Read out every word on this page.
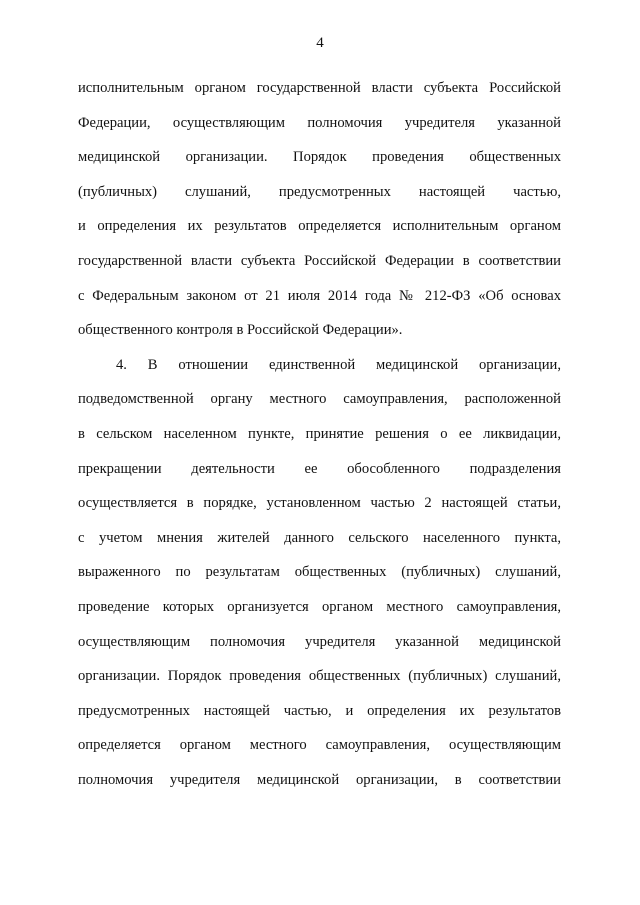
4
исполнительным органом государственной власти субъекта Российской
Федерации, осуществляющим полномочия учредителя указанной
медицинской организации. Порядок проведения общественных
(публичных) слушаний, предусмотренных настоящей частью,
и определения их результатов определяется исполнительным органом
государственной власти субъекта Российской Федерации в соответствии
с Федеральным законом от 21 июля 2014 года № 212-ФЗ «Об основах
общественного контроля в Российской Федерации».
4. В отношении единственной медицинской организации,
подведомственной органу местного самоуправления, расположенной
в сельском населенном пункте, принятие решения о ее ликвидации,
прекращении деятельности ее обособленного подразделения
осуществляется в порядке, установленном частью 2 настоящей статьи,
с учетом мнения жителей данного сельского населенного пункта,
выраженного по результатам общественных (публичных) слушаний,
проведение которых организуется органом местного самоуправления,
осуществляющим полномочия учредителя указанной медицинской
организации. Порядок проведения общественных (публичных) слушаний,
предусмотренных настоящей частью, и определения их результатов
определяется органом местного самоуправления, осуществляющим
полномочия учредителя медицинской организации, в соответствии
